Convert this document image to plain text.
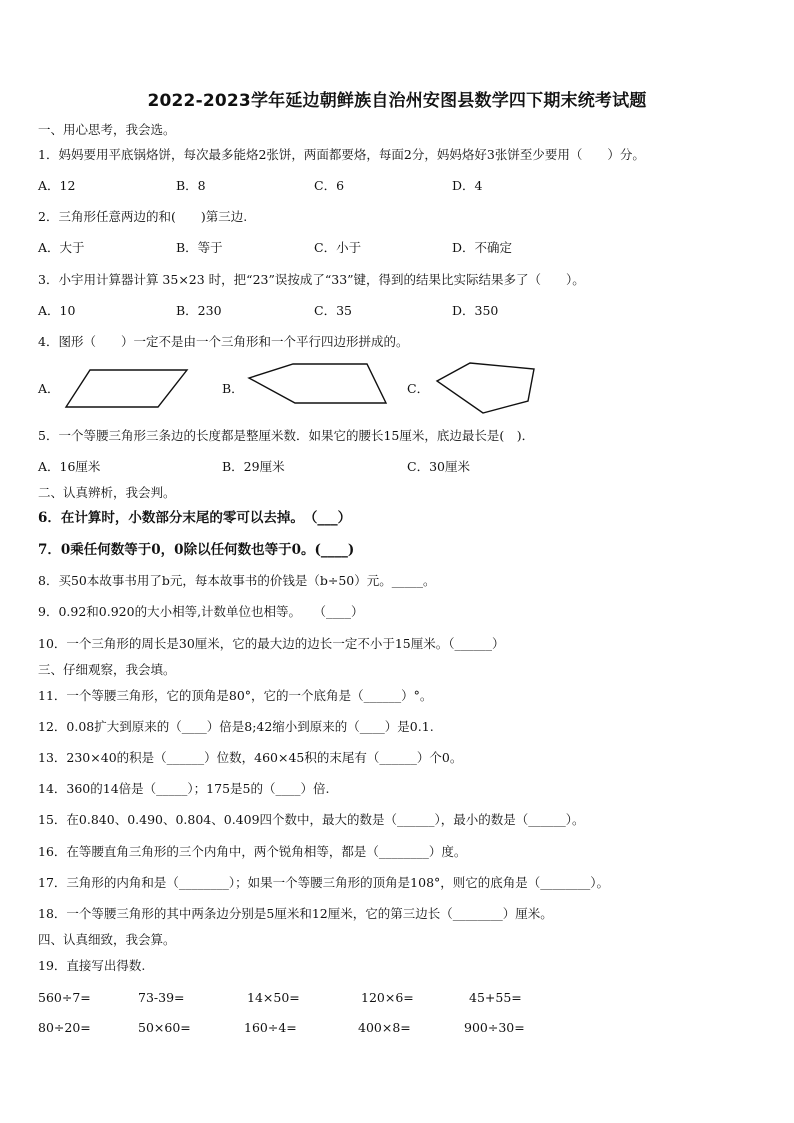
2022-2023学年延边朝鲜族自治州安图县数学四下期末统考试题
一、用心思考，我会选。
1．妈妈要用平底锅烙饼，每次最多能烙2张饼，两面都要烙，每面2分，妈妈烙好3张饼至少要用（　　）分。
A．12	B．8	C．6	D．4
2．三角形任意两边的和(　　)第三边.
A．大于	B．等于	C．小于	D．不确定
3．小宇用计算器计算 35×23 时，把“23”误按成了“33”键，得到的结果比实际结果多了（　　）。
A．10	B．230	C．35	D．350
4．图形（　　）一定不是由一个三角形和一个平行四边形拼成的。
A．	B．	C．
5．一个等腰三角形三条边的长度都是整厘米数．如果它的腰长15厘米，底边最长是(　)．
A．16厘米	B．29厘米	C．30厘米
二、认真辨析，我会判。
6．在计算时，小数部分末尾的零可以去掉。　（___）
7．0乘任何数等于0，0除以任何数也等于0。(____)
8．买50本故事书用了b元，每本故事书的价钱是（b÷50）元。_____。
9．0.92和0.920的大小相等,计数单位也相等。　　（____）
10．一个三角形的周长是30厘米，它的最大边的边长一定不小于15厘米。（______）
三、仔细观察，我会填。
11．一个等腰三角形，它的顶角是80°，它的一个底角是（______）°。
12．0.08扩大到原来的（____）倍是8;42缩小到原来的（____）是0.1.
13．230×40的积是（______）位数，460×45积的末尾有（______）个0。
14．360的14倍是（_____）；175是5的（____）倍.
15．在0.840、0.490、0.804、0.409四个数中，最大的数是（______），最小的数是（______）。
16．在等腰直角三角形的三个内角中，两个锐角相等，都是（________）度。
17．三角形的内角和是（________）；如果一个等腰三角形的顶角是108°，则它的底角是（________）。
18．一个等腰三角形的其中两条边分别是5厘米和12厘米，它的第三边长（________）厘米。
四、认真细致，我会算。
19．直接写出得数.
560÷7=	73-39=	14×50=	120×6=	45+55=
80÷20=	50×60=	160÷4=	400×8=	900÷30=
